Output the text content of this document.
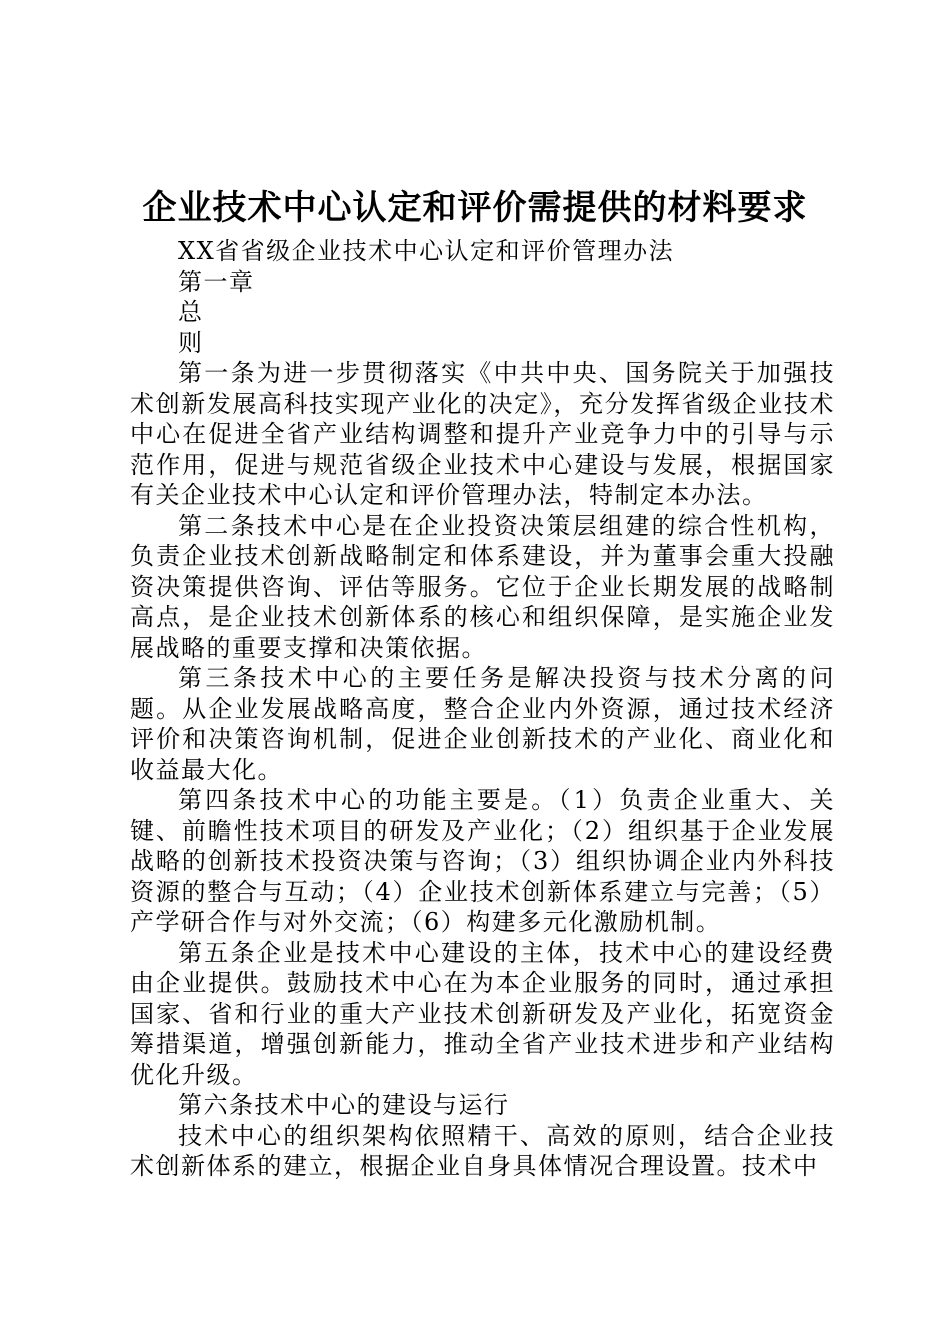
企业技术中心认定和评价需提供的材料要求
XX省省级企业技术中心认定和评价管理办法
第一章
总
则

第一条为进一步贯彻落实《中共中央、国务院关于加强技术创新发展高科技实现产业化的决定》，充分发挥省级企业技术中心在促进全省产业结构调整和提升产业竞争力中的引导与示范作用，促进与规范省级企业技术中心建设与发展，根据国家有关企业技术中心认定和评价管理办法，特制定本办法。

第二条技术中心是在企业投资决策层组建的综合性机构，负责企业技术创新战略制定和体系建设，并为董事会重大投融资决策提供咨询、评估等服务。它位于企业长期发展的战略制高点，是企业技术创新体系的核心和组织保障，是实施企业发展战略的重要支撑和决策依据。

第三条技术中心的主要任务是解决投资与技术分离的问题。从企业发展战略高度，整合企业内外资源，通过技术经济评价和决策咨询机制，促进企业创新技术的产业化、商业化和收益最大化。

第四条技术中心的功能主要是。（1）负责企业重大、关键、前瞻性技术项目的研发及产业化；（2）组织基于企业发展战略的创新技术投资决策与咨询；（3）组织协调企业内外科技资源的整合与互动；（4）企业技术创新体系建立与完善；（5）产学研合作与对外交流；（6）构建多元化激励机制。

第五条企业是技术中心建设的主体，技术中心的建设经费由企业提供。鼓励技术中心在为本企业服务的同时，通过承担国家、省和行业的重大产业技术创新研发及产业化，拓宽资金筹措渠道，增强创新能力，推动全省产业技术进步和产业结构优化升级。

第六条技术中心的建设与运行

技术中心的组织架构依照精干、高效的原则，结合企业技术创新体系的建立，根据企业自身具体情况合理设置。技术中
